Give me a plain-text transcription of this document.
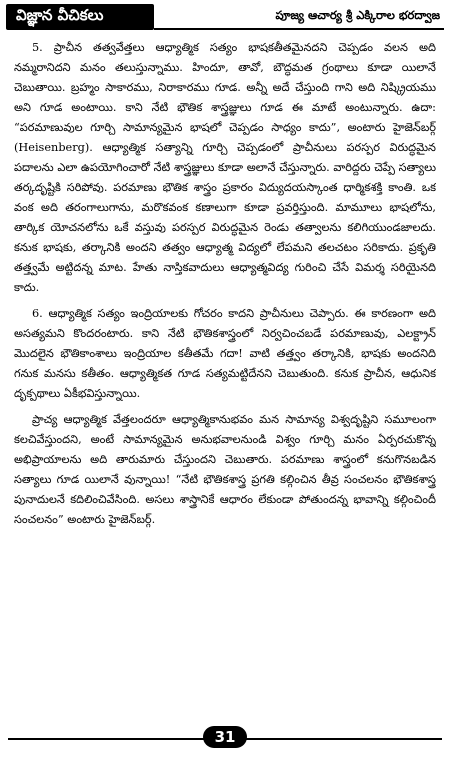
విజ్ఞాన వీచికలు	పూజ్య ఆచార్య శ్రీ ఎక్కిరాల భరద్వాజ

5. ప్రాచీన తత్వవేత్తలు ఆధ్యాత్మిక సత్యం భాషకతీతమైనదని చెప్పడం వలన అది నమ్మరానిదని మనం తలుస్తున్నాము. హిందూ, తావో, బౌద్ధమత గ్రంథాలు కూడా యిలానే చెబుతాయి. బ్రహ్మం సాకారము, నిరాకారము గూడ. అన్నీ అదే చేస్తుంది గాని అది నిష్క్రియము అని గూడ అంటాయి. కాని నేటి భౌతిక శాస్త్రజ్ఞులు గూడ ఈ మాటే అంటున్నారు. ఉదా: “పరమాణువుల గూర్చి సామాన్యమైన భాషలో చెప్పడం సాధ్యం కాదు”, అంటారు హైజెన్‌బర్గ్ (Heisenberg). ఆధ్యాత్మిక సత్యాన్ని గూర్చి చెప్పడంలో ప్రాచీనులు పరస్పర విరుద్ధమైన పదాలను ఎలా ఉపయోగించారో నేటి శాస్త్రజ్ఞులు కూడా అలానే చేస్తున్నారు. వారిద్దరు చెప్పే సత్యాలు తర్కదృష్టికి సరిపోవు. పరమాణు భౌతిక శాస్త్రం ప్రకారం విద్యుదయస్కాంత ధార్మికశక్తి కాంతి. ఒక వంక అది తరంగాలుగాను, మరొకవంక కణాలుగా కూడా ప్రవర్తిస్తుంది. మామూలు భాషలోను, తార్కిక యోచనలోను ఒకే వస్తువు పరస్పర విరుద్ధమైన రెండు తత్వాలను కలిగియుండజాలదు. కనుక భాషకు, తర్కానికి అందని తత్వం ఆధ్యాత్మ విద్యలో లేపమని తలచటం సరికాదు. ప్రకృతి తత్త్వమే అట్టిదన్న మాట. హేతు నాస్తికవాదులు ఆధ్యాత్మవిద్య గురించి చేసే విమర్శ సరియైనది కాదు.

6. ఆధ్యాత్మిక సత్యం ఇంద్రియాలకు గోచరం కాదని ప్రాచీనులు చెప్పారు. ఈ కారణంగా అది అసత్యమని కొందరంటారు. కాని నేటి భౌతికశాస్త్రంలో నిర్వచించబడే పరమాణువు, ఎలక్ట్రాన్ మొదలైన భౌతికాంశాలు ఇంద్రియాల కతీతమే గదా! వాటి తత్త్వం తర్కానికి, భాషకు అందనిది గనుక మనసు కతీతం. ఆధ్యాత్మికత గూడ సత్యమట్టిదేనని చెబుతుంది. కనుక ప్రాచీన, ఆధునిక దృక్పథాలు ఏకీభవిస్తున్నాయి.

ప్రాచ్య ఆధ్యాత్మిక వేత్తలందరూ ఆధ్యాత్మికానుభవం మన సామాన్య విశ్వదృష్టిని సమూలంగా కలచివేస్తుందని, అంటే సామాన్యమైన అనుభవాలనుండి విశ్వం గూర్చి మనం ఏర్పరచుకొన్న అభిప్రాయాలను అది తారుమారు చేస్తుందని చెబుతారు. పరమాణు శాస్త్రంలో కనుగొనబడిన సత్యాలు గూడ యిలానే వున్నాయి! “నేటి భౌతికశాస్త్ర ప్రగతి కల్గించిన తీవ్ర సంచలనం భౌతికశాస్త్ర పునాదులనే కదిలించివేసింది. అసలు శాస్త్రానికే ఆధారం లేకుండా పోతుందన్న భావాన్ని కల్గించిందీ సంచలనం” అంటారు హైజెన్‌బర్గ్.

31
